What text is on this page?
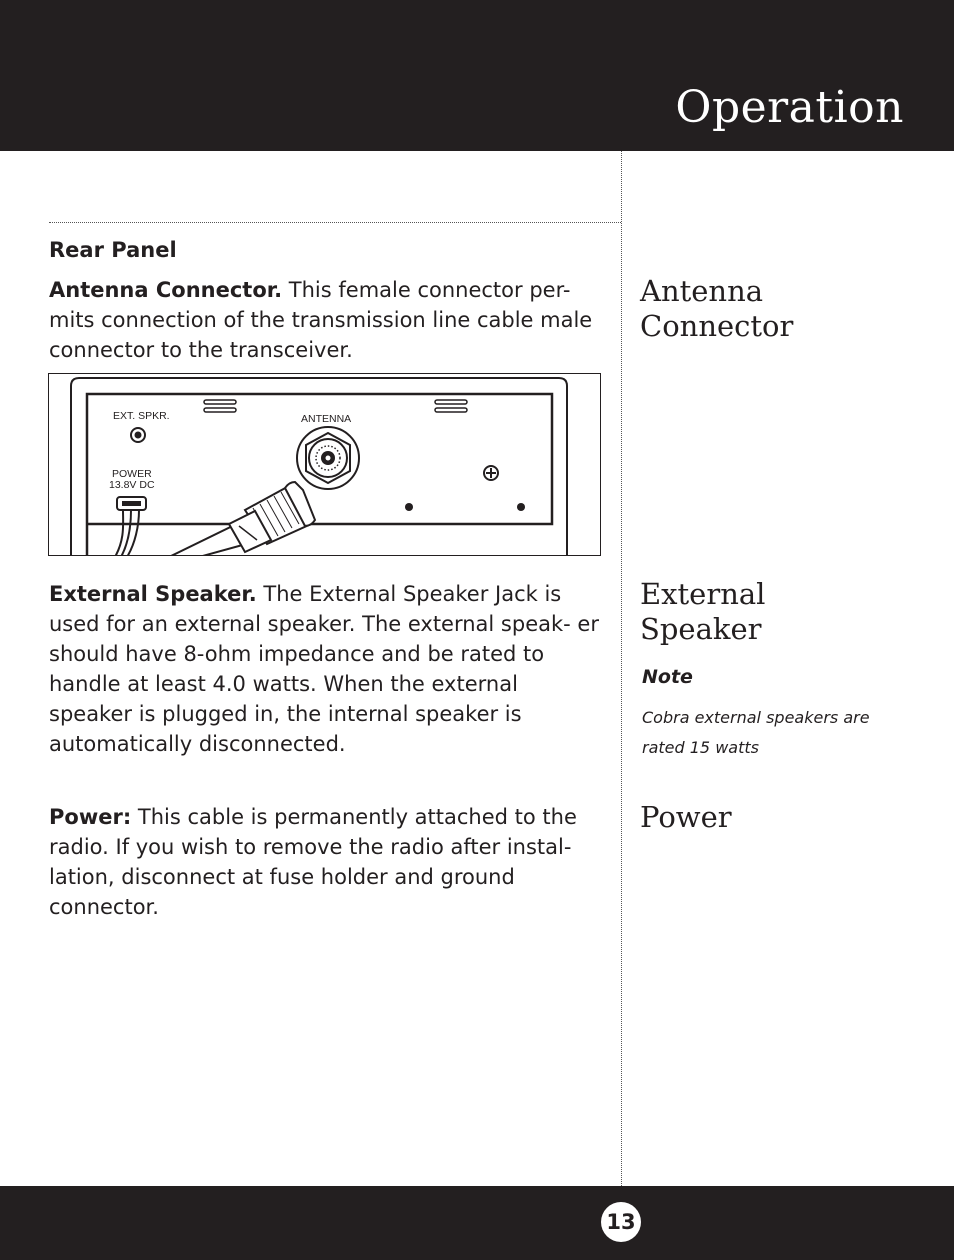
Operation
Rear Panel

Antenna Connector. This female connector per- mits connection of the transmission line cable male connector to the transceiver.

EXT. SPKR.	ANTENNA
POWER
13.8V DC

External Speaker. The External Speaker Jack is used for an external speaker. The external speak- er should have 8-ohm impedance and be rated to handle at least 4.0 watts. When the external speaker is plugged in, the internal speaker is automatically disconnected.

Power: This cable is permanently attached to the radio. If you wish to remove the radio after instal- lation, disconnect at fuse holder and ground connector.

Antenna
Connector
External
Speaker
Note
Cobra external speakers are rated 15 watts
Power
13
